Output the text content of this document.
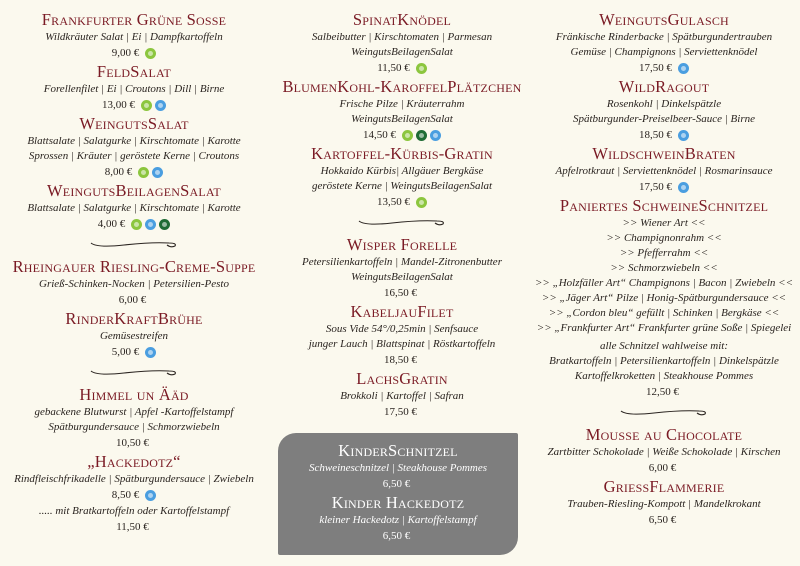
Frankfurter Grüne Sosse

Wildkräuter Salat | Ei | Dampfkartoffeln

9,00 €
FeldSalat

Forellenfilet | Ei | Croutons | Dill | Birne

13,00 €
WeingutsSalat

Blattsalate | Salatgurke | Kirschtomate | Karotte

Sprossen | Kräuter | geröstete Kerne | Croutons

8,00 €
WeingutsBeilagenSalat

Blattsalate | Salatgurke | Kirschtomate | Karotte

4,00 €
Rheingauer Riesling-Creme-Suppe

Grieß-Schinken-Nocken | Petersilien-Pesto

6,00 €
RinderKraftBrühe

Gemüsestreifen

5,00 €
Himmel un Ääd

gebackene Blutwurst | Apfel -Kartoffelstampf

Spätburgundersauce | Schmorzwiebeln

10,50 €
„Hackedotz“

Rindfleischfrikadelle | Spätburgundersauce | Zwiebeln

8,50 €

..... mit Bratkartoffeln oder Kartoffelstampf

11,50 €
SpinatKnödel

Salbeibutter | Kirschtomaten | Parmesan

WeingutsBeilagenSalat

11,50 €
BlumenKohl-KaroffelPlätzchen

Frische Pilze | Kräuterrahm

WeingutsBeilagenSalat

14,50 €
Kartoffel-Kürbis-Gratin

Hokkaido Kürbis| Allgäuer Bergkäse

geröstete Kerne | WeingutsBeilagenSalat

13,50 €
Wisper Forelle

Petersilienkartoffeln | Mandel-Zitronenbutter

WeingutsBeilagenSalat

16,50 €
KabeljauFilet

Sous Vide 54°/0,25min | Senfsauce

junger Lauch | Blattspinat | Röstkartoffeln

18,50 €
LachsGratin

Brokkoli | Kartoffel | Safran

17,50 €
KinderSchnitzel

Schweineschnitzel | Steakhouse Pommes

6,50 €
Kinder Hackedotz

kleiner Hackedotz | Kartoffelstampf

6,50 €
WeingutsGulasch

Fränkische Rinderbacke | Spätburgundertrauben

Gemüse | Champignons | Serviettenknödel

17,50 €
WildRagout

Rosenkohl | Dinkelspätzle

Spätburgunder-Preiselbeer-Sauce | Birne

18,50 €
WildschweinBraten

Apfelrotkraut | Serviettenknödel | Rosmarinsauce

17,50 €
Paniertes SchweineSchnitzel

>> Wiener Art <<

>> Champignonrahm <<

>> Pfefferrahm <<

>> Schmorzwiebeln <<

>> „Holzfäller Art“ Champignons | Bacon | Zwiebeln <<

>> „Jäger Art“ Pilze | Honig-Spätburgundersauce <<

>> „Cordon bleu“ gefüllt | Schinken | Bergkäse <<

>> „Frankfurter Art“ Frankfurter grüne Soße | Spiegelei

alle Schnitzel wahlweise mit:

Bratkartoffeln | Petersilienkartoffeln | Dinkelspätzle

Kartoffelkroketten | Steakhouse Pommes

12,50 €
Mousse au Chocolate

Zartbitter Schokolade | Weiße Schokolade | Kirschen

6,00 €
GriessFlammerie

Trauben-Riesling-Kompott | Mandelkrokant

6,50 €
